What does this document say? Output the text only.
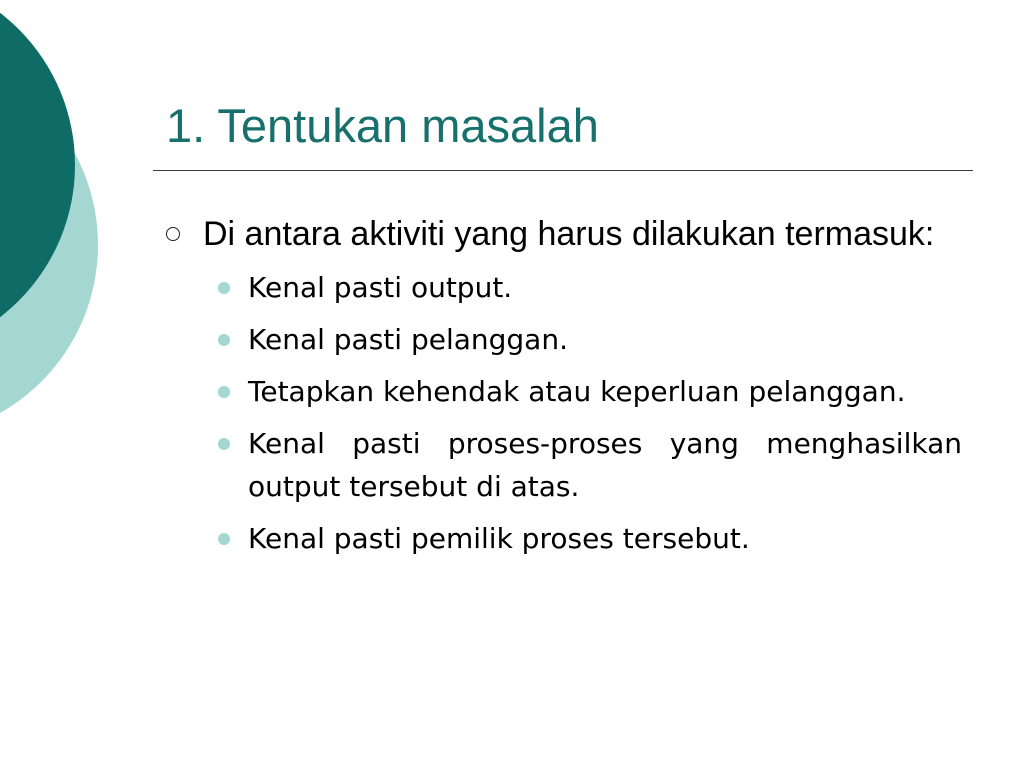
1. Tentukan masalah
Di antara aktiviti yang harus dilakukan termasuk:
Kenal pasti output.
Kenal pasti pelanggan.
Tetapkan kehendak atau keperluan pelanggan.
Kenal pasti proses-proses yang menghasilkan output tersebut di atas.
Kenal pasti pemilik proses tersebut.
